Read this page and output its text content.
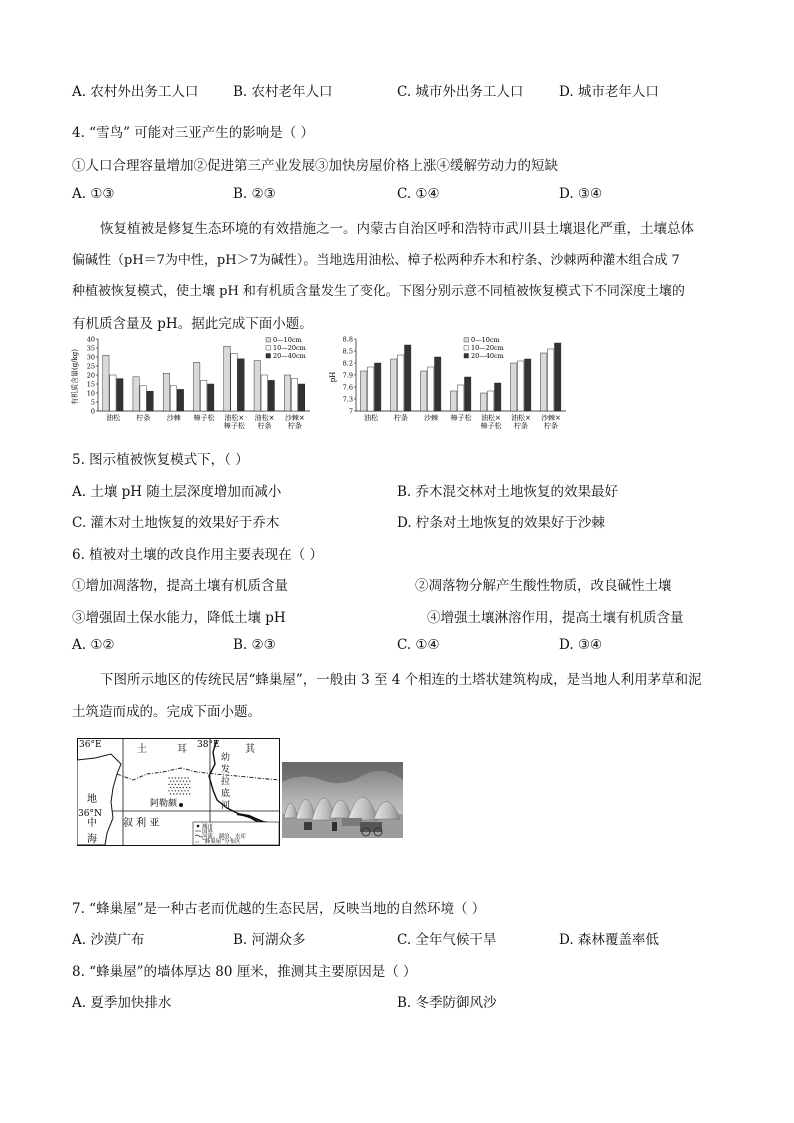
A. 农村外出务工人口	B. 农村老年人口	C. 城市外出务工人口	D. 城市老年人口
4. “雪鸟” 可能对三亚产生的影响是（ ）
①人口合理容量增加②促进第三产业发展③加快房屋价格上涨④缓解劳动力的短缺
A. ①③	B. ②③	C. ①④	D. ③④
恢复植被是修复生态环境的有效措施之一。内蒙古自治区呼和浩特市武川县土壤退化严重，土壤总体
偏碱性（pH＝7为中性，pH＞7为碱性）。当地选用油松、樟子松两种乔木和柠条、沙棘两种灌木组合成 7
种植被恢复模式，使土壤 pH 和有机质含量发生了变化。下图分别示意不同植被恢复模式下不同深度土壤的
有机质含量及 pH。据此完成下面小题。
有机质含量(g/kg)
0
5
10
15
20
25
30
35
40	0—10cm
10—20cm
20—40cm
油松 柠条 沙棘 樟子松 油松×
樟子松
油松×
柠条
沙棘×
柠条
pH
7
7.3
7.6
7.9
8.2
8.5
8.8	0—10cm
10—20cm
20—40cm
油松 柠条 沙棘 樟子松 油松×
樟子松
油松×
柠条
沙棘×
柠条
5. 图示植被恢复模式下，（ ）
A. 土壤 pH 随土层深度增加而减小	B. 乔木混交林对土地恢复的效果最好
C. 灌木对土地恢复的效果好于乔木	D. 柠条对土地恢复的效果好于沙棘
6. 植被对土壤的改良作用主要表现在（ ）
①增加凋落物，提高土壤有机质含量	②凋落物分解产生酸性物质，改良碱性土壤
③增强固土保水能力，降低土壤 pH	④增强土壤淋溶作用，提高土壤有机质含量
A. ①②	B. ②③	C. ①④	D. ③④
下图所示地区的传统民居“蜂巢屋”，一般由 3 至 4 个相连的土塔状建筑构成，是当地人利用茅草和泥
土筑造而成的。完成下面小题。
36°E	38°E
36°N
土	耳	其
地
中
海
叙 利 亚
阿勒颇
幼
发
拉
底
河
城市
国界
河流、湖泊、水库
::: “蜂巢屋”分布区
7. “蜂巢屋”是一种古老而优越的生态民居，反映当地的自然环境（ ）
A. 沙漠广布	B. 河湖众多	C. 全年气候干旱	D. 森林覆盖率低
8. “蜂巢屋”的墙体厚达 80 厘米，推测其主要原因是（ ）
A. 夏季加快排水	B. 冬季防御风沙
